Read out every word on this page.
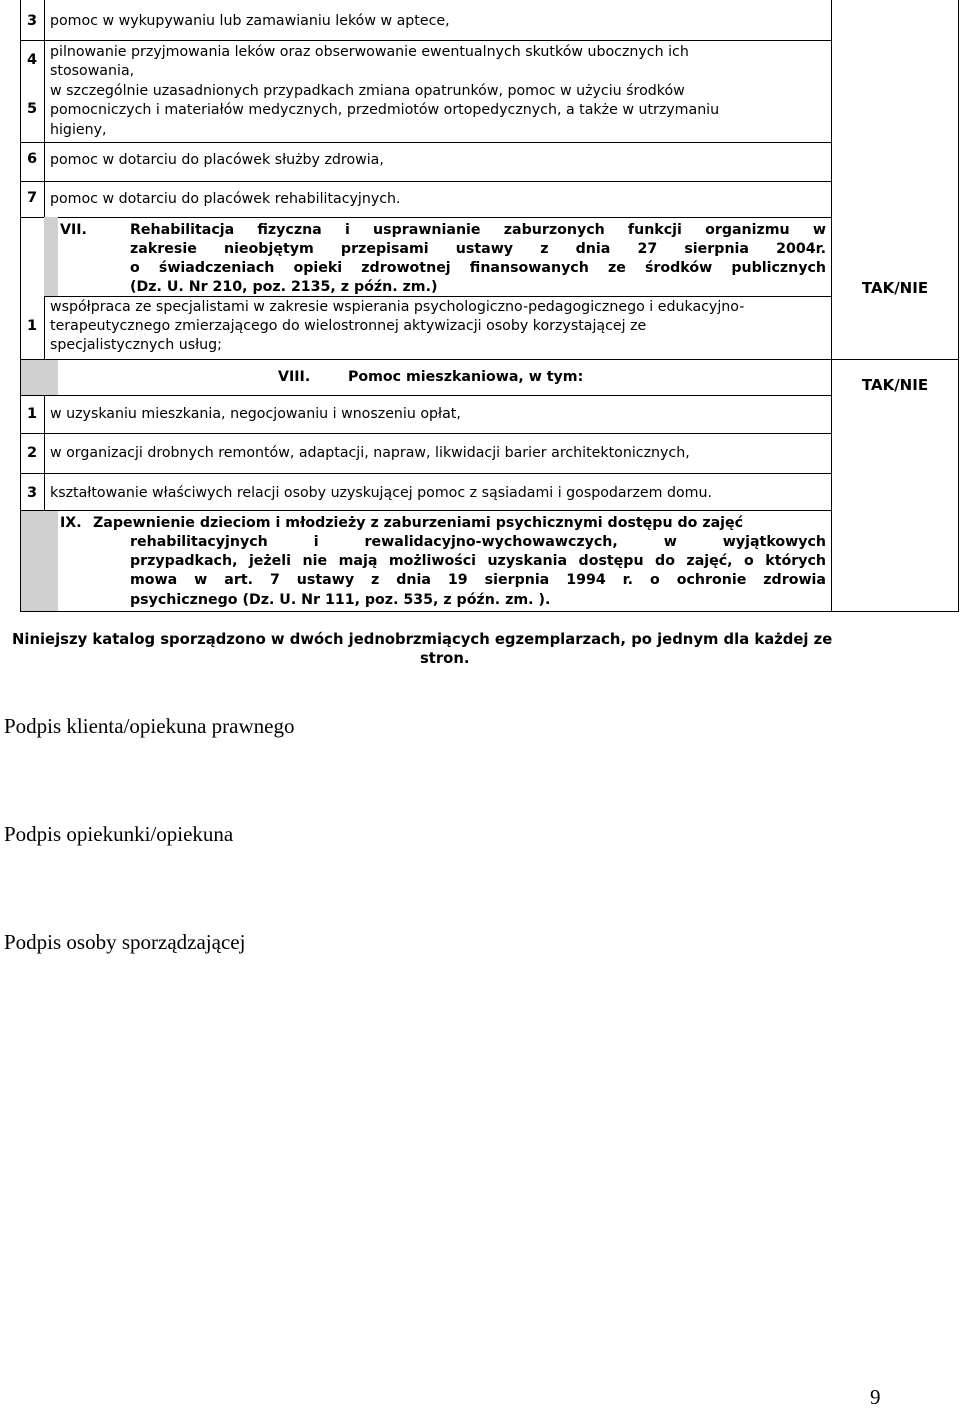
3 pomoc w wykupywaniu lub zamawianiu leków w aptece,
4 pilnowanie przyjmowania leków oraz obserwowanie ewentualnych skutków ubocznych ich
stosowania,
5
w szczególnie uzasadnionych przypadkach zmiana opatrunków, pomoc w użyciu środków
pomocniczych i materiałów medycznych, przedmiotów ortopedycznych, a także w utrzymaniu
higieny,
6 pomoc w dotarciu do placówek służby zdrowia,
7 pomoc w dotarciu do placówek rehabilitacyjnych.
VII.	Rehabilitacja fizyczna i usprawnianie zaburzonych funkcji organizmu w
zakresie nieobjętym przepisami ustawy z dnia 27 sierpnia 2004r.
o świadczeniach opieki zdrowotnej finansowanych ze środków publicznych
(Dz. U. Nr 210, poz. 2135, z późn. zm.)
1
współpraca ze specjalistami w zakresie wspierania psychologiczno-pedagogicznego i edukacyjno-
terapeutycznego zmierzającego do wielostronnej aktywizacji osoby korzystającej ze
specjalistycznych usług;
TAK/NIE
VIII.	Pomoc mieszkaniowa, w tym:	TAK/NIE
1 w uzyskaniu mieszkania, negocjowaniu i wnoszeniu opłat,
2 w organizacji drobnych remontów, adaptacji, napraw, likwidacji barier architektonicznych,
3 kształtowanie właściwych relacji osoby uzyskującej pomoc z sąsiadami i gospodarzem domu.
IX. Zapewnienie dzieciom i młodzieży z zaburzeniami psychicznymi dostępu do zajęć
rehabilitacyjnych i rewalidacyjno-wychowawczych, w wyjątkowych
przypadkach, jeżeli nie mają możliwości uzyskania dostępu do zajęć, o których
mowa w art. 7 ustawy z dnia 19 sierpnia 1994 r. o ochronie zdrowia
psychicznego (Dz. U. Nr 111, poz. 535, z późn. zm. ).
Niniejszy katalog sporządzono w dwóch jednobrzmiących egzemplarzach, po jednym dla każdej ze
stron.
Podpis klienta/opiekuna prawnego
Podpis opiekunki/opiekuna
Podpis osoby sporządzającej
9
